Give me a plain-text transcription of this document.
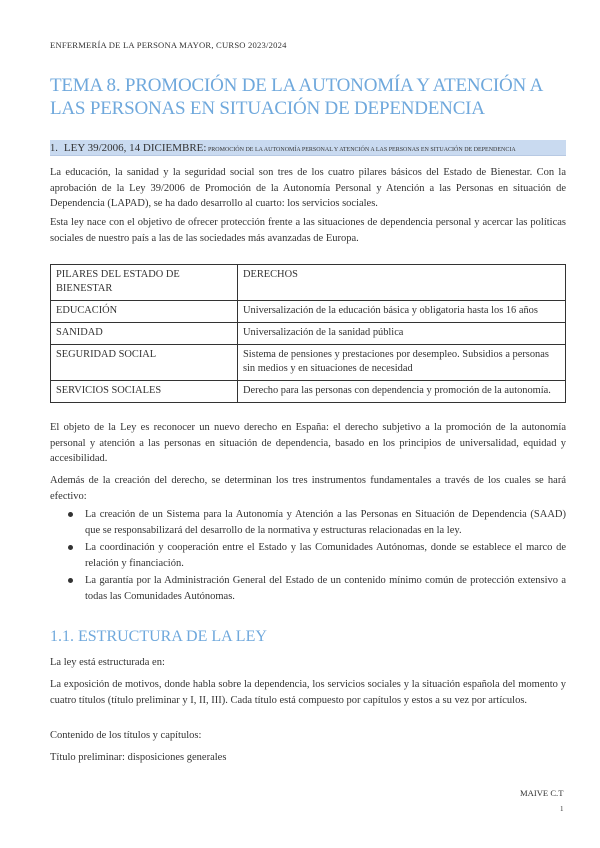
ENFERMERÍA DE LA PERSONA MAYOR, CURSO 2023/2024
TEMA 8. PROMOCIÓN DE LA AUTONOMÍA Y ATENCIÓN A LAS PERSONAS EN SITUACIÓN DE DEPENDENCIA
1. LEY 39/2006, 14 DICIEMBRE: PROMOCIÓN DE LA AUTONOMÍA PERSONAL Y ATENCIÓN A LAS PERSONAS EN SITUACIÓN DE DEPENDENCIA
La educación, la sanidad y la seguridad social son tres de los cuatro pilares básicos del Estado de Bienestar. Con la aprobación de la Ley 39/2006 de Promoción de la Autonomía Personal y Atención a las Personas en situación de Dependencia (LAPAD), se ha dado desarrollo al cuarto: los servicios sociales.
Esta ley nace con el objetivo de ofrecer protección frente a las situaciones de dependencia personal y acercar las políticas sociales de nuestro país a las de las sociedades más avanzadas de Europa.
PILARES DEL ESTADO DE BIENESTAR	DERECHOS
EDUCACIÓN	Universalización de la educación básica y obligatoria hasta los 16 años
SANIDAD	Universalización de la sanidad pública
SEGURIDAD SOCIAL	Sistema de pensiones y prestaciones por desempleo. Subsidios a personas sin medios y en situaciones de necesidad
SERVICIOS SOCIALES	Derecho para las personas con dependencia y promoción de la autonomía.
El objeto de la Ley es reconocer un nuevo derecho en España: el derecho subjetivo a la promoción de la autonomía personal y atención a las personas en situación de dependencia, basado en los principios de universalidad, equidad y accesibilidad.
Además de la creación del derecho, se determinan los tres instrumentos fundamentales a través de los cuales se hará efectivo:
La creación de un Sistema para la Autonomía y Atención a las Personas en Situación de Dependencia (SAAD) que se responsabilizará del desarrollo de la normativa y estructuras relacionadas en la ley.
La coordinación y cooperación entre el Estado y las Comunidades Autónomas, donde se establece el marco de relación y financiación.
La garantía por la Administración General del Estado de un contenido mínimo común de protección extensivo a todas las Comunidades Autónomas.
1.1. ESTRUCTURA DE LA LEY
La ley está estructurada en:
La exposición de motivos, donde habla sobre la dependencia, los servicios sociales y la situación española del momento y cuatro títulos (título preliminar y I, II, III). Cada título está compuesto por capítulos y estos a su vez por artículos.
Contenido de los títulos y capítulos:
Título preliminar: disposiciones generales
MAIVE C.T
1
